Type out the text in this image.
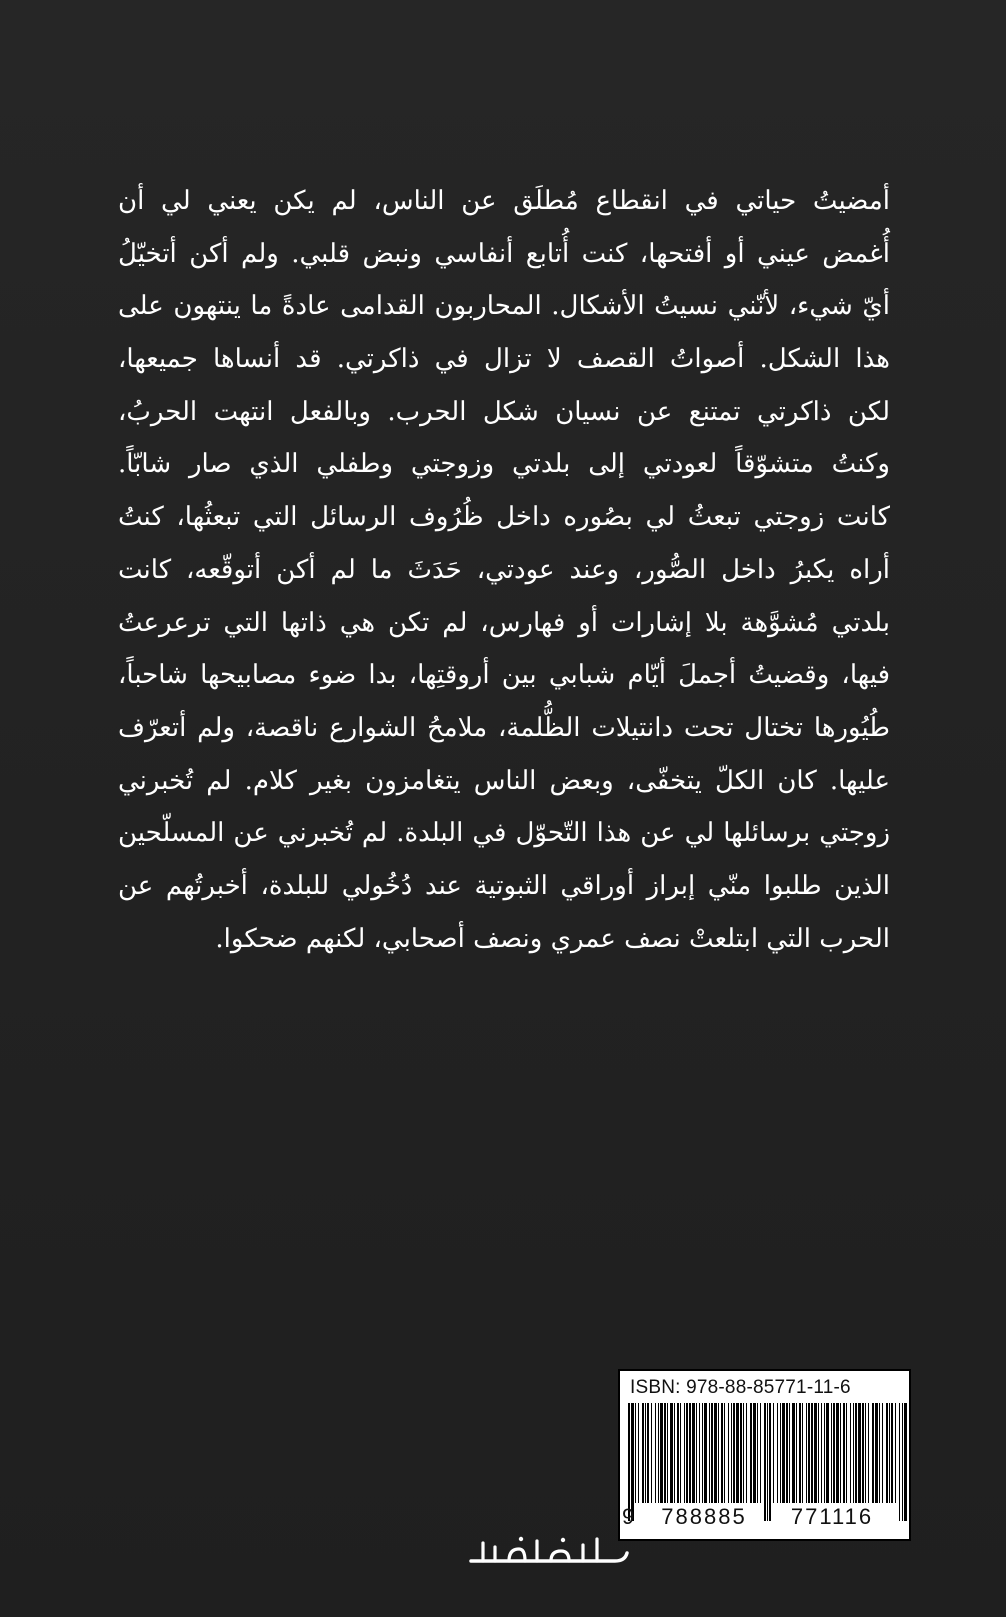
أمضيتُ حياتي في انقطاع مُطلَق عن الناس، لم يكن يعني لي أن
أُغمض عيني أو أفتحها، كنت أُتابع أنفاسي ونبض قلبي. ولم أكن أتخيّلُ
أيّ شيء، لأنّني نسيتُ الأشكال. المحاربون القدامى عادةً ما ينتهون على
هذا الشكل. أصواتُ القصف لا تزال في ذاكرتي. قد أنساها جميعها،
لكن ذاكرتي تمتنع عن نسيان شكل الحرب. وبالفعل انتهت الحربُ،
وكنتُ متشوّقاً لعودتي إلى بلدتي وزوجتي وطفلي الذي صار شابّاً.
كانت زوجتي تبعثُ لي بصُوره داخل ظُرُوف الرسائل التي تبعثُها، كنتُ
أراه يكبرُ داخل الصُّور، وعند عودتي، حَدَثَ ما لم أكن أتوقّعه، كانت
بلدتي مُشوَّهة بلا إشارات أو فهارس، لم تكن هي ذاتها التي ترعرعتُ
فيها، وقضيتُ أجملَ أيّام شبابي بين أروقتِها، بدا ضوء مصابيحها شاحباً،
طُيُورها تختال تحت دانتيلات الظُّلمة، ملامحُ الشوارع ناقصة، ولم أتعرّف
عليها. كان الكلّ يتخفّى، وبعض الناس يتغامزون بغير كلام. لم تُخبرني
زوجتي برسائلها لي عن هذا التّحوّل في البلدة. لم تُخبرني عن المسلّحين
الذين طلبوا منّي إبراز أوراقي الثبوتية عند دُخُولي للبلدة، أخبرتُهم عن
الحرب التي ابتلعتْ نصف عمري ونصف أصحابي، لكنهم ضحكوا.
ISBN: 978-88-85771-11-6
9	788885	771116
